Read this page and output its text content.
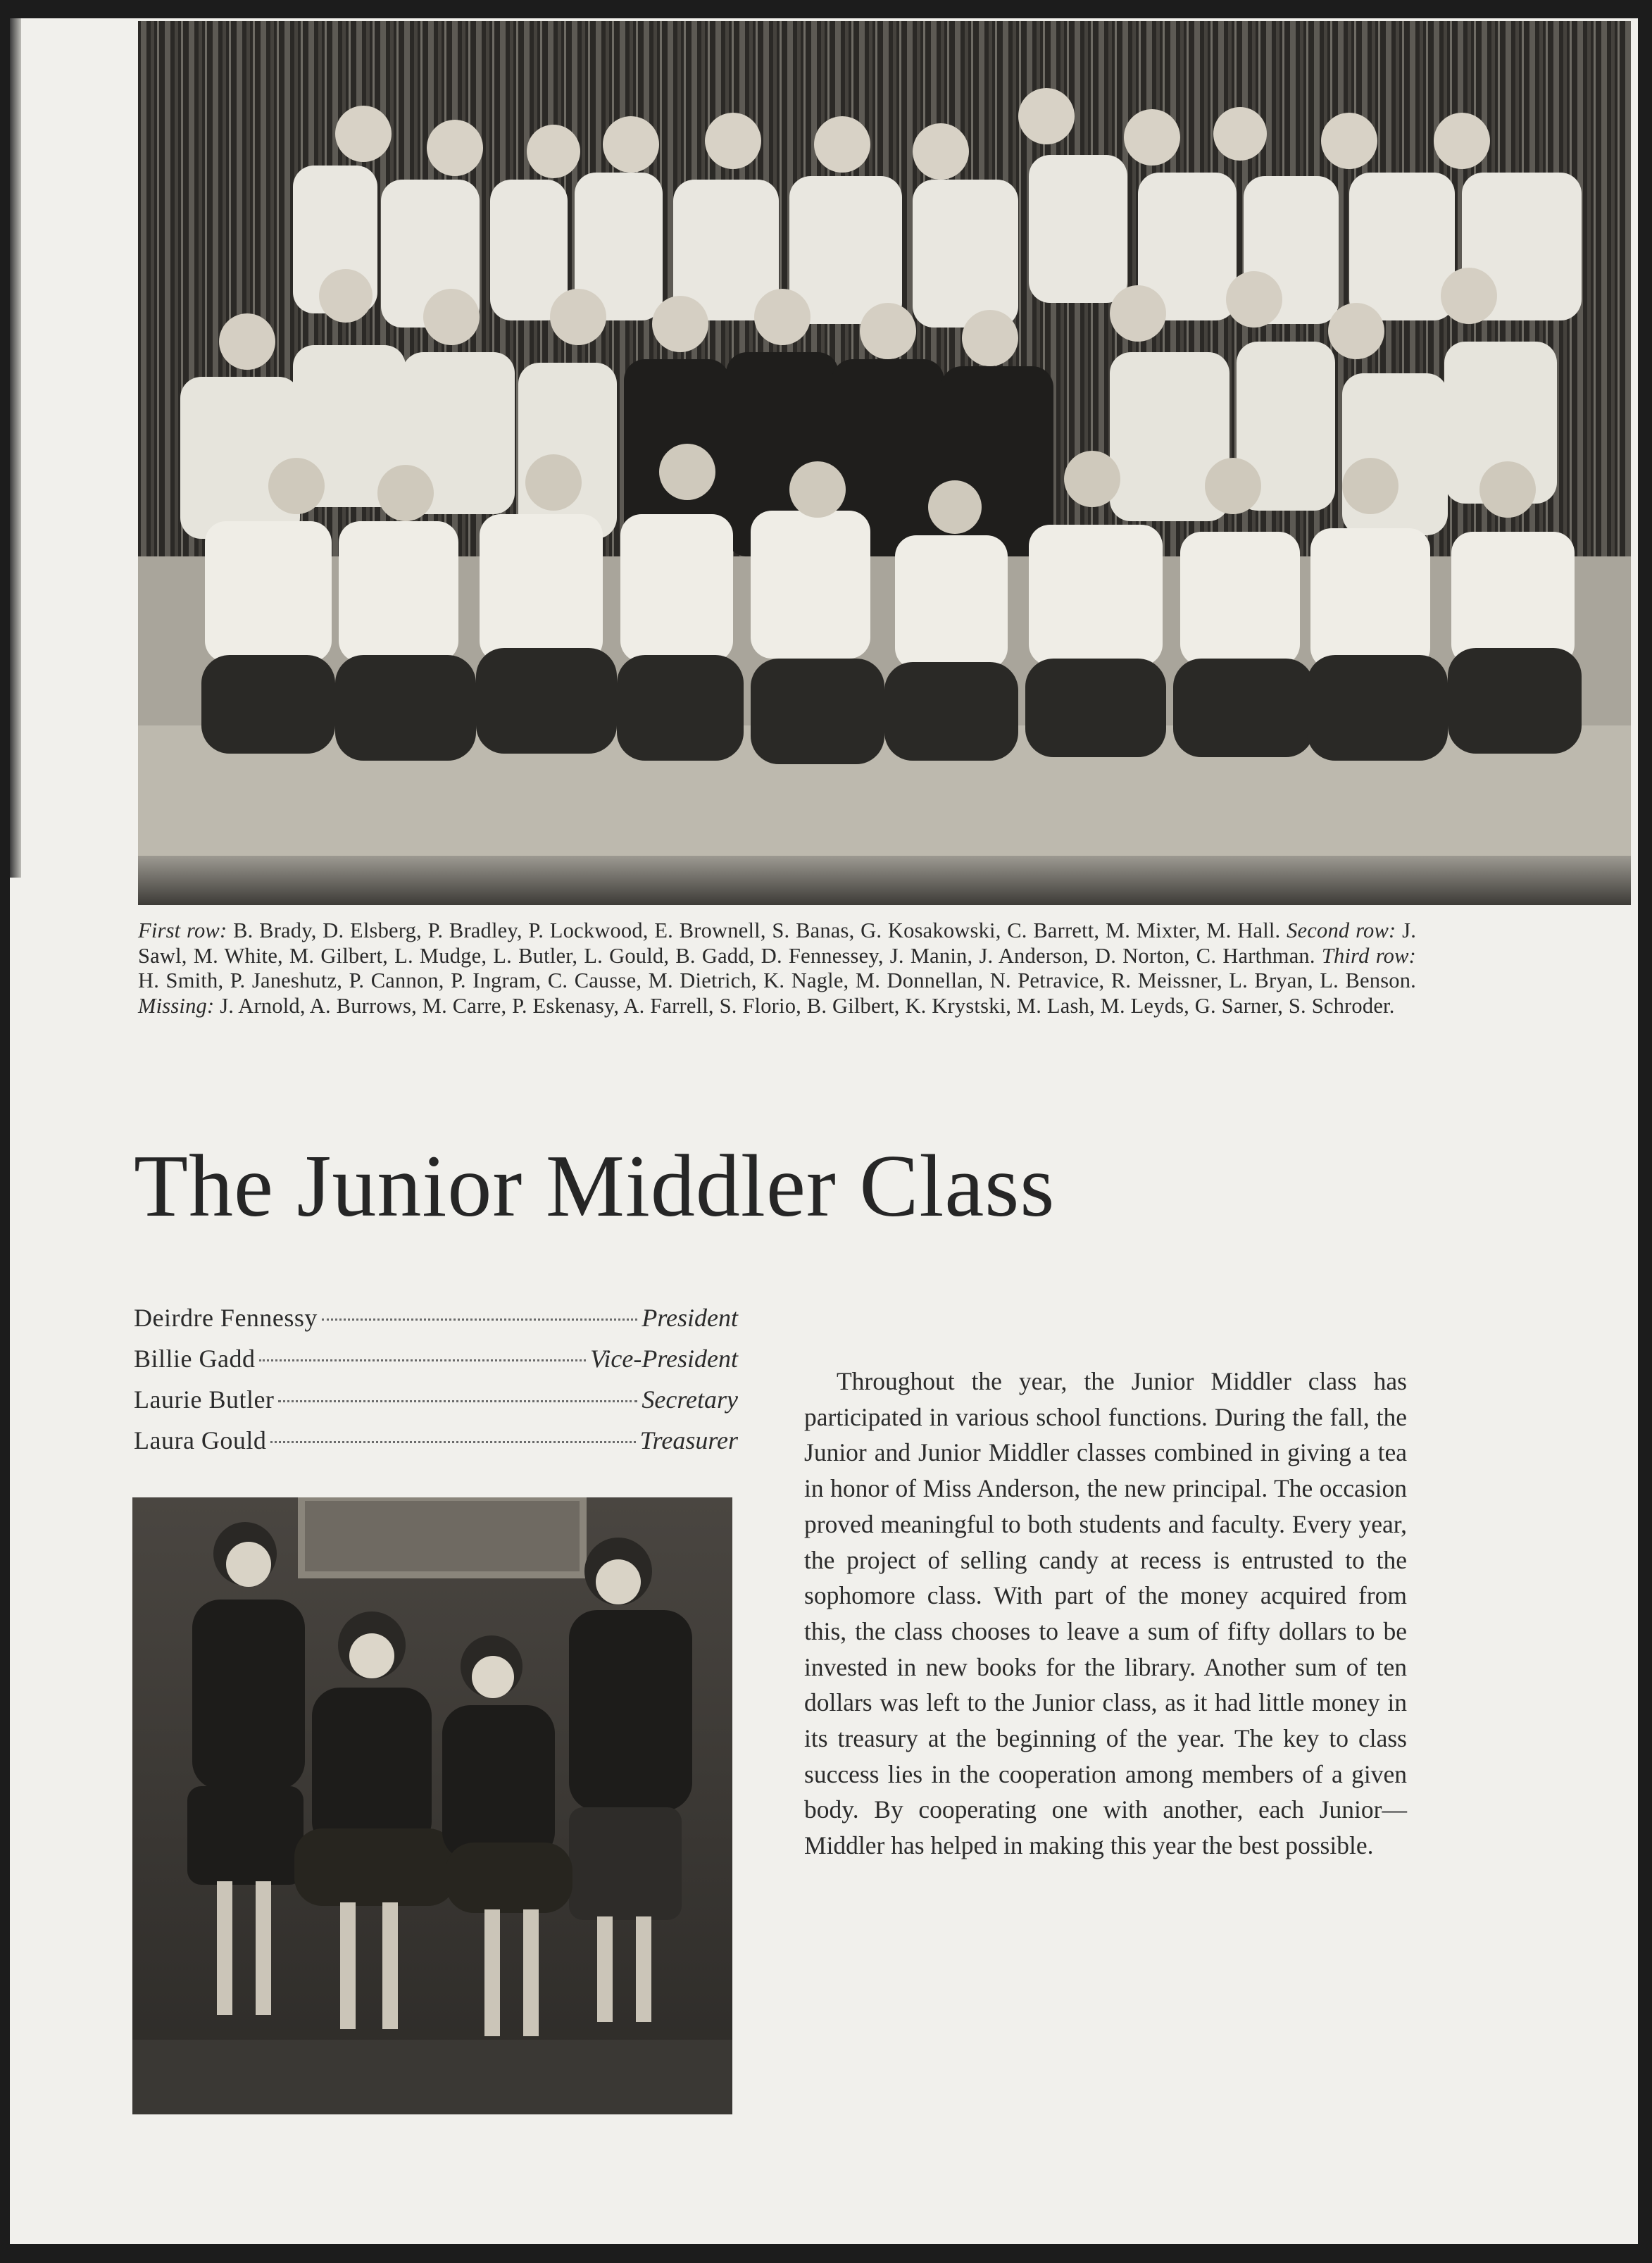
First row: B. Brady, D. Elsberg, P. Bradley, P. Lockwood, E. Brownell, S. Banas, G. Kosakowski, C. Barrett, M. Mixter, M. Hall. Second row: J. Sawl, M. White, M. Gilbert, L. Mudge, L. Butler, L. Gould, B. Gadd, D. Fennessey, J. Manin, J. Anderson, D. Norton, C. Harthman. Third row: H. Smith, P. Janeshutz, P. Cannon, P. Ingram, C. Causse, M. Dietrich, K. Nagle, M. Donnellan, N. Petravice, R. Meissner, L. Bryan, L. Benson. Missing: J. Arnold, A. Burrows, M. Carre, P. Eskenasy, A. Farrell, S. Florio, B. Gilbert, K. Krystski, M. Lash, M. Leyds, G. Sarner, S. Schroder.
The Junior Middler Class
Deirdre Fennessy	President
Billie Gadd	Vice-President
Laurie Butler	Secretary
Laura Gould	Treasurer

Throughout the year, the Junior Middler class has participated in various school functions. During the fall, the Junior and Junior Middler classes combined in giving a tea in honor of Miss Anderson, the new principal. The occasion proved meaningful to both students and faculty. Every year, the project of selling candy at recess is entrusted to the sophomore class. With part of the money acquired from this, the class chooses to leave a sum of fifty dollars to be invested in new books for the library. Another sum of ten dollars was left to the Junior class, as it had little money in its treasury at the beginning of the year. The key to class success lies in the cooperation among members of a given body. By cooperating one with another, each Junior—Middler has helped in making this year the best possible.
